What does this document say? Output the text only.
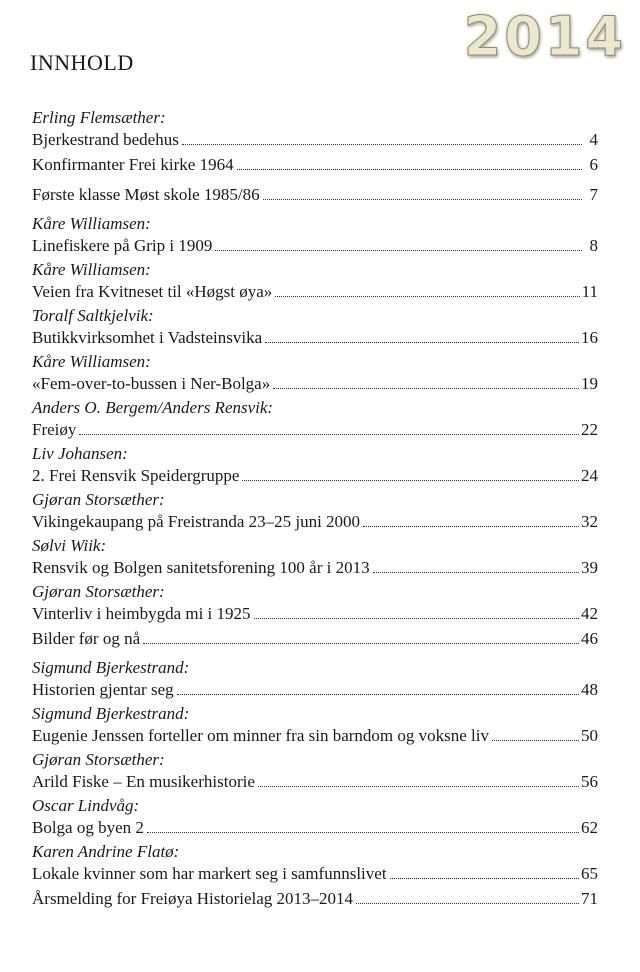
2014
INNHOLD
Erling Flemsæther:
Bjerkestrand bedehus	4
Konfirmanter Frei kirke 1964	6
Første klasse Møst skole 1985/86	7
Kåre Williamsen:
Linefiskere på Grip i 1909	8
Kåre Williamsen:
Veien fra Kvitneset til «Høgst øya»	11
Toralf Saltkjelvik:
Butikkvirksomhet i Vadsteinsvika	16
Kåre Williamsen:
«Fem-over-to-bussen i Ner-Bolga»	19
Anders O. Bergem/Anders Rensvik:
Freiøy	22
Liv Johansen:
2. Frei Rensvik Speidergruppe	24
Gjøran Storsæther:
Vikingekaupang på Freistranda 23–25 juni 2000	32
Sølvi Wiik:
Rensvik og Bolgen sanitetsforening 100 år i 2013	39
Gjøran Storsæther:
Vinterliv i heimbygda mi i 1925	42
Bilder før og nå	46
Sigmund Bjerkestrand:
Historien gjentar seg	48
Sigmund Bjerkestrand:
Eugenie Jenssen forteller om minner fra sin barndom og voksne liv	50
Gjøran Storsæther:
Arild Fiske – En musikerhistorie	56
Oscar Lindvåg:
Bolga og byen 2	62
Karen Andrine Flatø:
Lokale kvinner som har markert seg i samfunnslivet	65
Årsmelding for Freiøya Historielag 2013–2014	71
